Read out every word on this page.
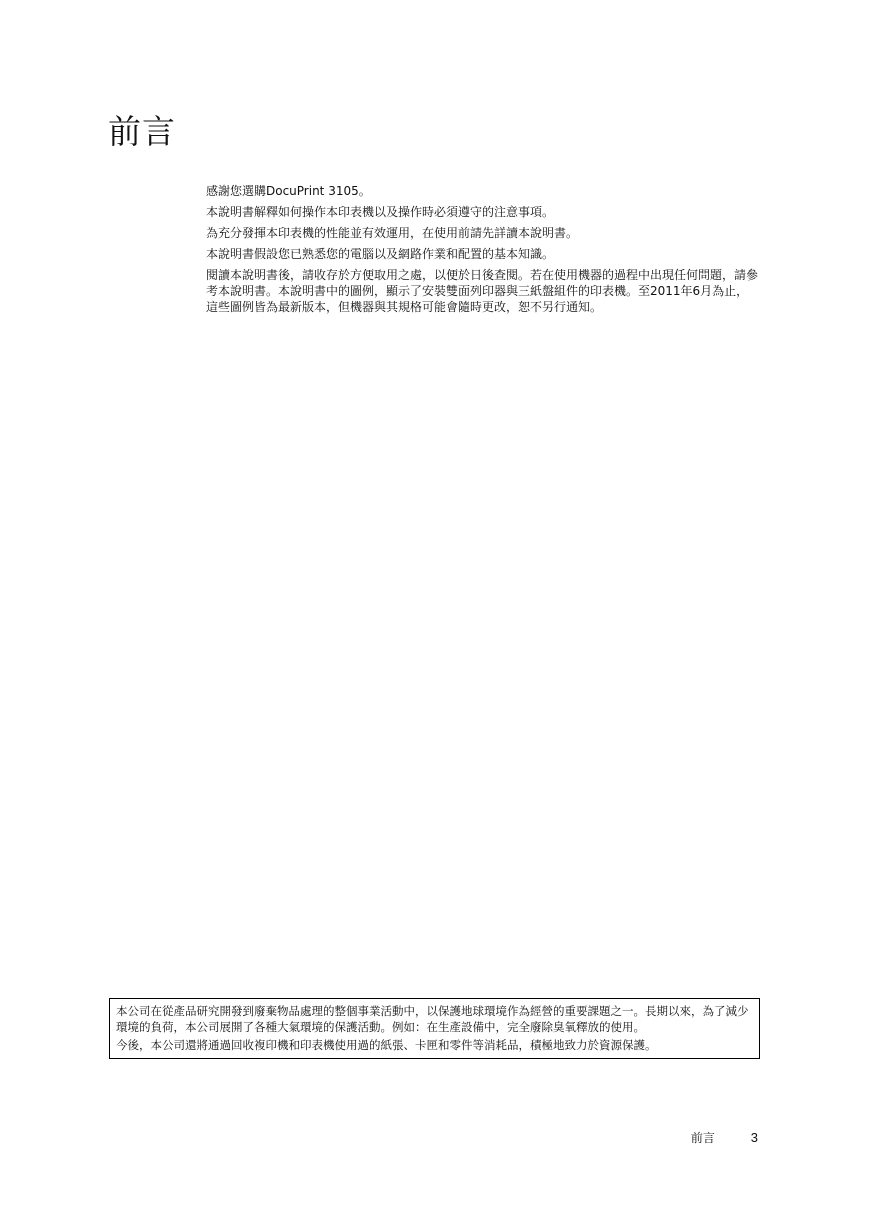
前言

感謝您選購DocuPrint 3105。

本說明書解釋如何操作本印表機以及操作時必須遵守的注意事項。

為充分發揮本印表機的性能並有效運用，在使用前請先詳讀本說明書。

本說明書假設您已熟悉您的電腦以及網路作業和配置的基本知識。

閱讀本說明書後，請收存於方便取用之處，以便於日後查閱。若在使用機器的過程中出現任何問題，請參考本說明書。本說明書中的圖例，顯示了安裝雙面列印器與三紙盤組件的印表機。至2011年6月為止，這些圖例皆為最新版本，但機器與其規格可能會隨時更改，恕不另行通知。

本公司在從產品研究開發到廢棄物品處理的整個事業活動中，以保護地球環境作為經營的重要課題之一。長期以來，為了減少環境的負荷，本公司展開了各種大氣環境的保護活動。例如：在生產設備中，完全廢除臭氧釋放的使用。

今後，本公司還將通過回收複印機和印表機使用過的紙張、卡匣和零件等消耗品，積極地致力於資源保護。

前言	3
